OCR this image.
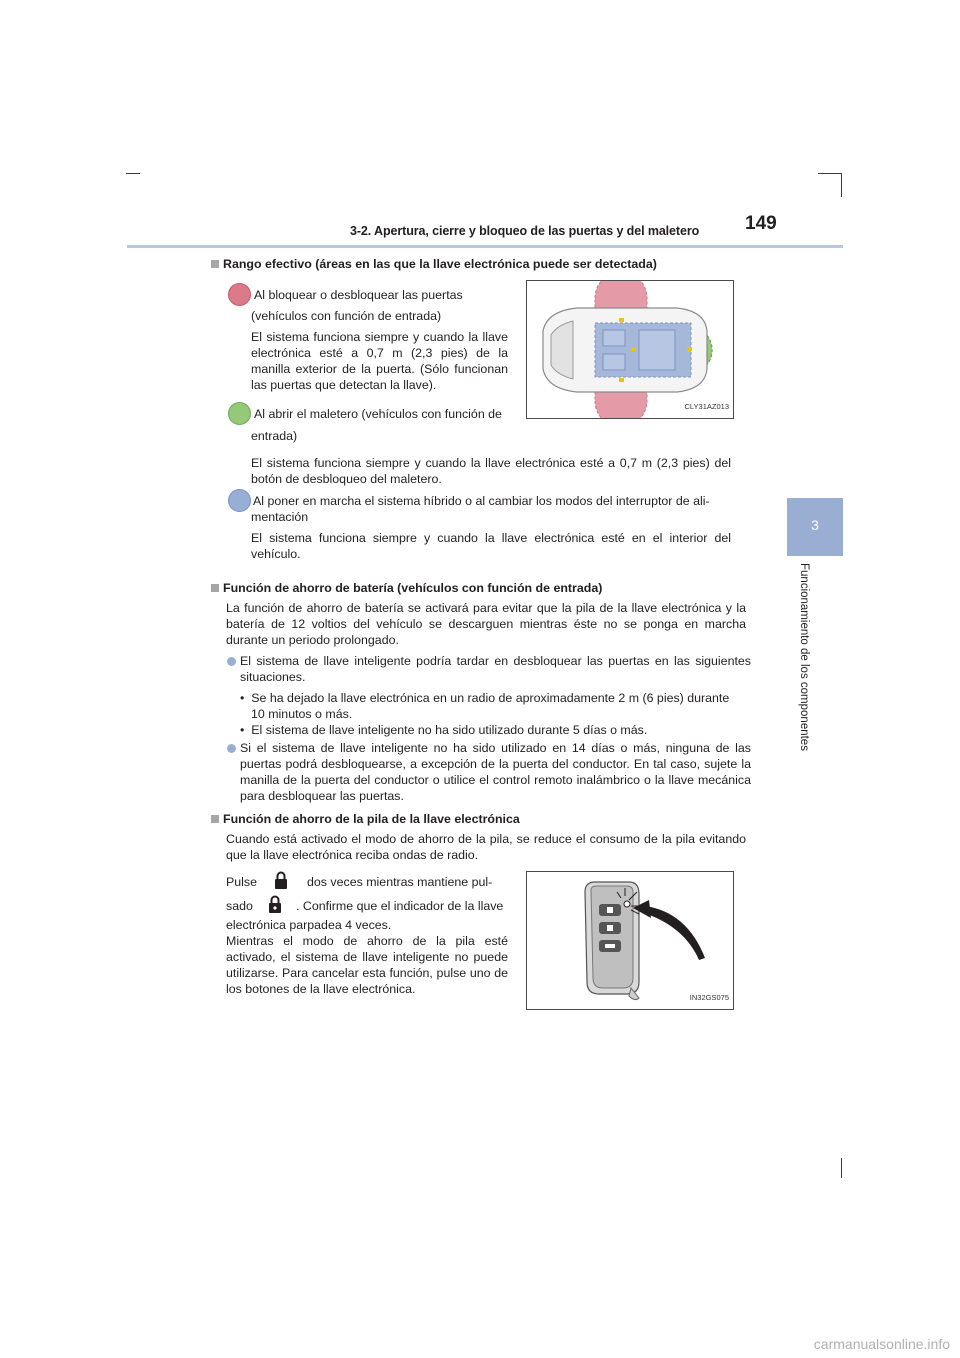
3-2. Apertura, cierre y bloqueo de las puertas y del maletero 149
3
Funcionamiento de los componentes
Rango efectivo (áreas en las que la llave electrónica puede ser detectada)
Al bloquear o desbloquear las puertas
(vehículos con función de entrada)
El sistema funciona siempre y cuando la llave electrónica esté a 0,7 m (2,3 pies) de la manilla exterior de la puerta. (Sólo funcionan las puertas que detectan la llave).
Al abrir el maletero (vehículos con función de
entrada)
El sistema funciona siempre y cuando la llave electrónica esté a 0,7 m (2,3 pies) del botón de desbloqueo del maletero.
Al poner en marcha el sistema híbrido o al cambiar los modos del interruptor de ali-
mentación
El sistema funciona siempre y cuando la llave electrónica esté en el interior del vehículo.
CLY31AZ013
Función de ahorro de batería (vehículos con función de entrada)
La función de ahorro de batería se activará para evitar que la pila de la llave electrónica y la batería de 12 voltios del vehículo se descarguen mientras éste no se ponga en marcha durante un periodo prolongado.
El sistema de llave inteligente podría tardar en desbloquear las puertas en las siguientes situaciones.
•  Se ha dejado la llave electrónica en un radio de aproximadamente 2 m (6 pies) durante
10 minutos o más.
•  El sistema de llave inteligente no ha sido utilizado durante 5 días o más.
Si el sistema de llave inteligente no ha sido utilizado en 14 días o más, ninguna de las puertas podrá desbloquearse, a excepción de la puerta del conductor. En tal caso, sujete la manilla de la puerta del conductor o utilice el control remoto inalámbrico o la llave mecánica para desbloquear las puertas.
Función de ahorro de la pila de la llave electrónica
Cuando está activado el modo de ahorro de la pila, se reduce el consumo de la pila evitando que la llave electrónica reciba ondas de radio.
Pulse	dos veces mientras mantiene pul-
sado	. Confirme que el indicador de la llave
electrónica parpadea 4 veces.
Mientras el modo de ahorro de la pila esté activado, el sistema de llave inteligente no puede utilizarse. Para cancelar esta función, pulse uno de los botones de la llave electrónica.
IN32GS075
carmanualsonline.info
